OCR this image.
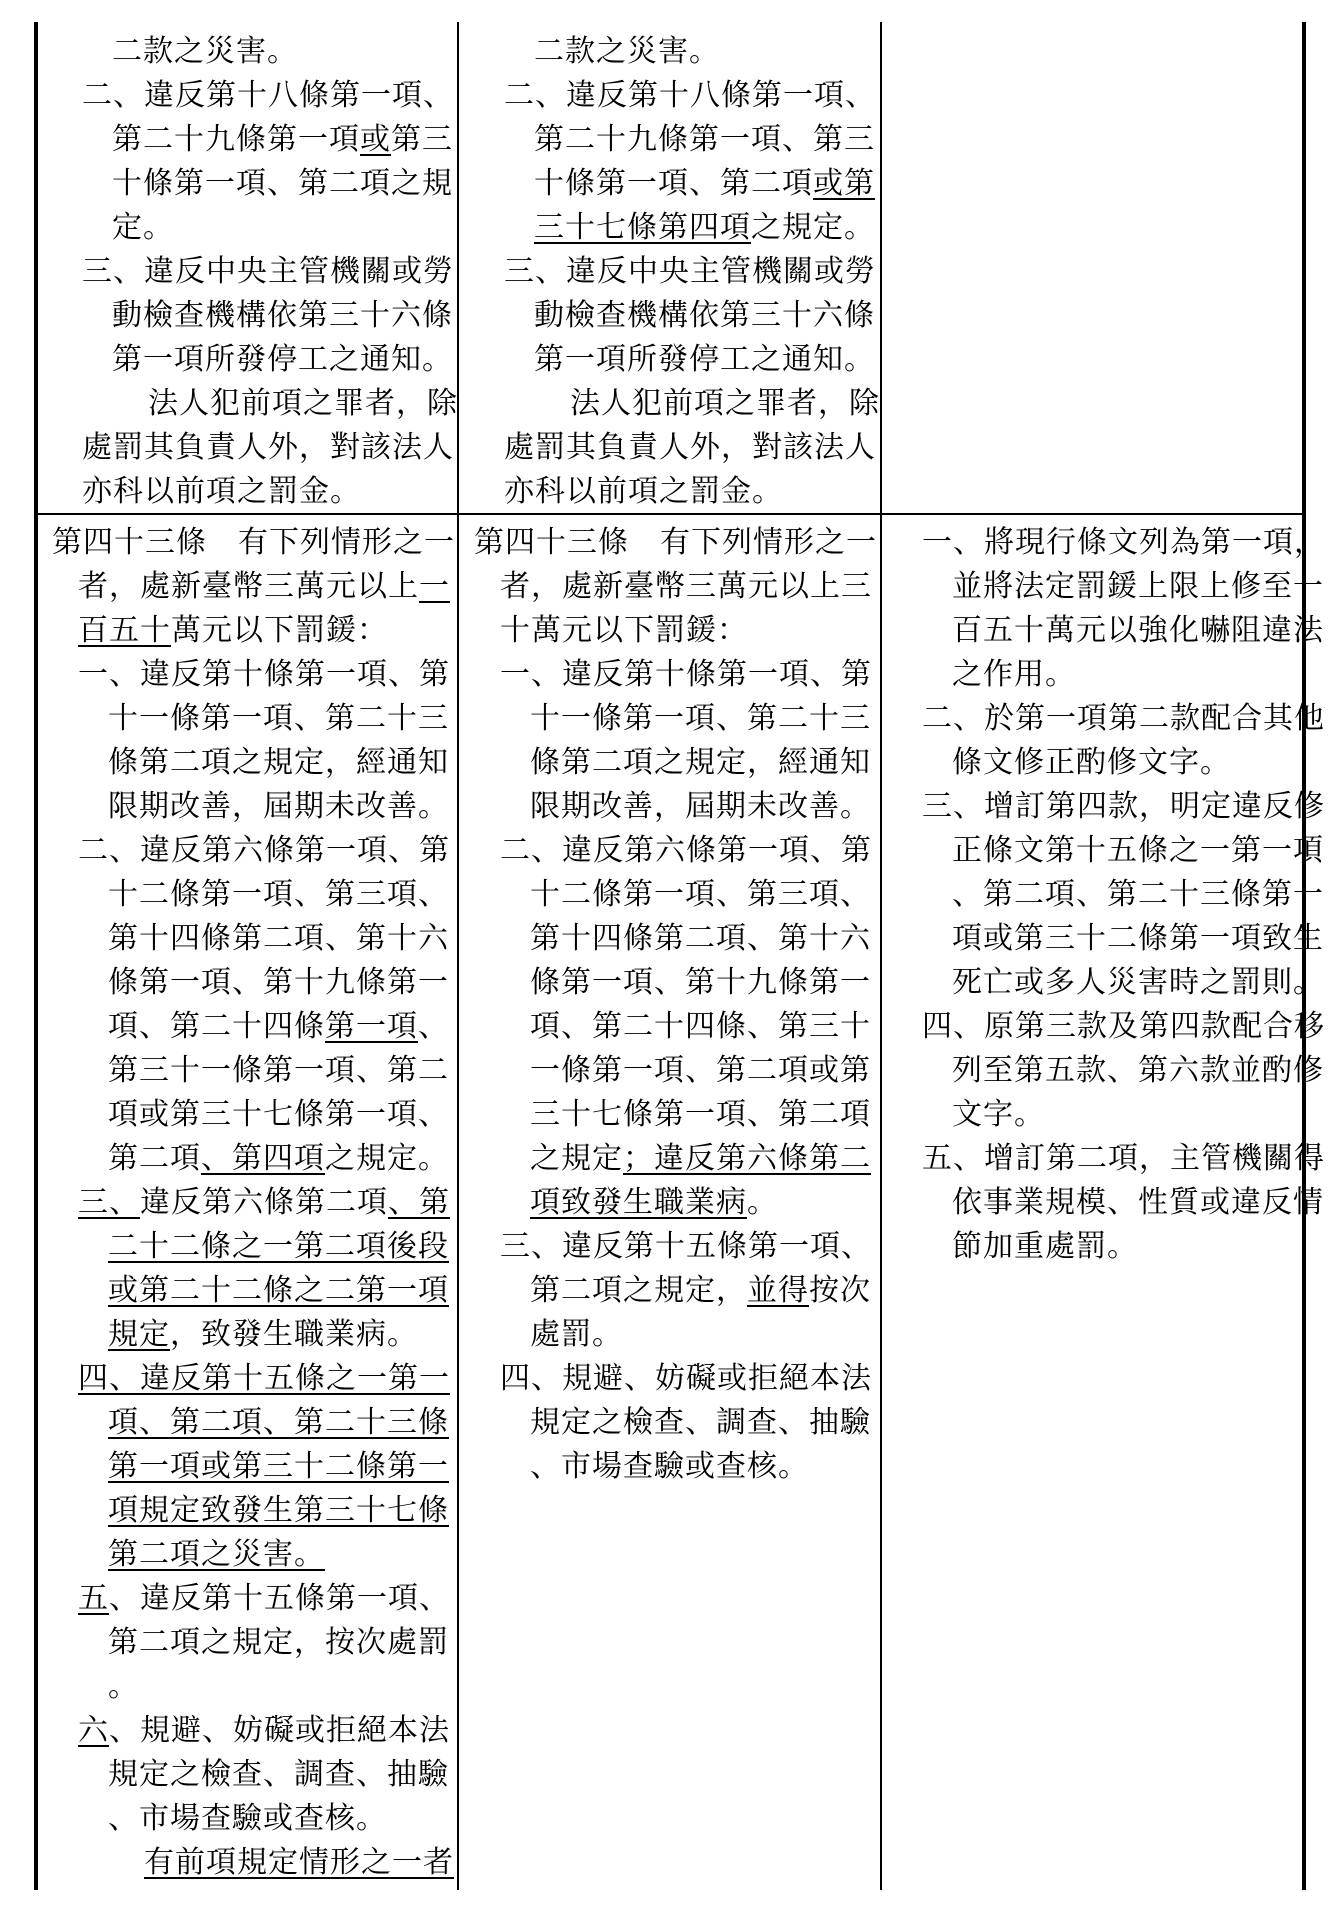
二款之災害。
二、違反第十八條第一項、
第二十九條第一項或第三
十條第一項、第二項之規
定。
三、違反中央主管機關或勞
動檢查機構依第三十六條
第一項所發停工之通知。
法人犯前項之罪者，除
處罰其負責人外，對該法人
亦科以前項之罰金。
二款之災害。
二、違反第十八條第一項、
第二十九條第一項、第三
十條第一項、第二項或第
三十七條第四項之規定。
三、違反中央主管機關或勞
動檢查機構依第三十六條
第一項所發停工之通知。
法人犯前項之罪者，除
處罰其負責人外，對該法人
亦科以前項之罰金。
第四十三條　有下列情形之一
者，處新臺幣三萬元以上一
百五十萬元以下罰鍰：
一、違反第十條第一項、第
十一條第一項、第二十三
條第二項之規定，經通知
限期改善，屆期未改善。
二、違反第六條第一項、第
十二條第一項、第三項、
第十四條第二項、第十六
條第一項、第十九條第一
項、第二十四條第一項、
第三十一條第一項、第二
項或第三十七條第一項、
第二項、第四項之規定。
三、違反第六條第二項、第
二十二條之一第二項後段
或第二十二條之二第一項
規定，致發生職業病。
四、違反第十五條之一第一
項、第二項、第二十三條
第一項或第三十二條第一
項規定致發生第三十七條
第二項之災害。
五、違反第十五條第一項、
第二項之規定，按次處罰
。
六、規避、妨礙或拒絕本法
規定之檢查、調查、抽驗
、市場查驗或查核。
有前項規定情形之一者
第四十三條　有下列情形之一
者，處新臺幣三萬元以上三
十萬元以下罰鍰：
一、違反第十條第一項、第
十一條第一項、第二十三
條第二項之規定，經通知
限期改善，屆期未改善。
二、違反第六條第一項、第
十二條第一項、第三項、
第十四條第二項、第十六
條第一項、第十九條第一
項、第二十四條、第三十
一條第一項、第二項或第
三十七條第一項、第二項
之規定；違反第六條第二
項致發生職業病。
三、違反第十五條第一項、
第二項之規定，並得按次
處罰。
四、規避、妨礙或拒絕本法
規定之檢查、調查、抽驗
、市場查驗或查核。
一、將現行條文列為第一項，
並將法定罰鍰上限上修至一
百五十萬元以強化嚇阻違法
之作用。
二、於第一項第二款配合其他
條文修正酌修文字。
三、增訂第四款，明定違反修
正條文第十五條之一第一項
、第二項、第二十三條第一
項或第三十二條第一項致生
死亡或多人災害時之罰則。
四、原第三款及第四款配合移
列至第五款、第六款並酌修
文字。
五、增訂第二項，主管機關得
依事業規模、性質或違反情
節加重處罰。
